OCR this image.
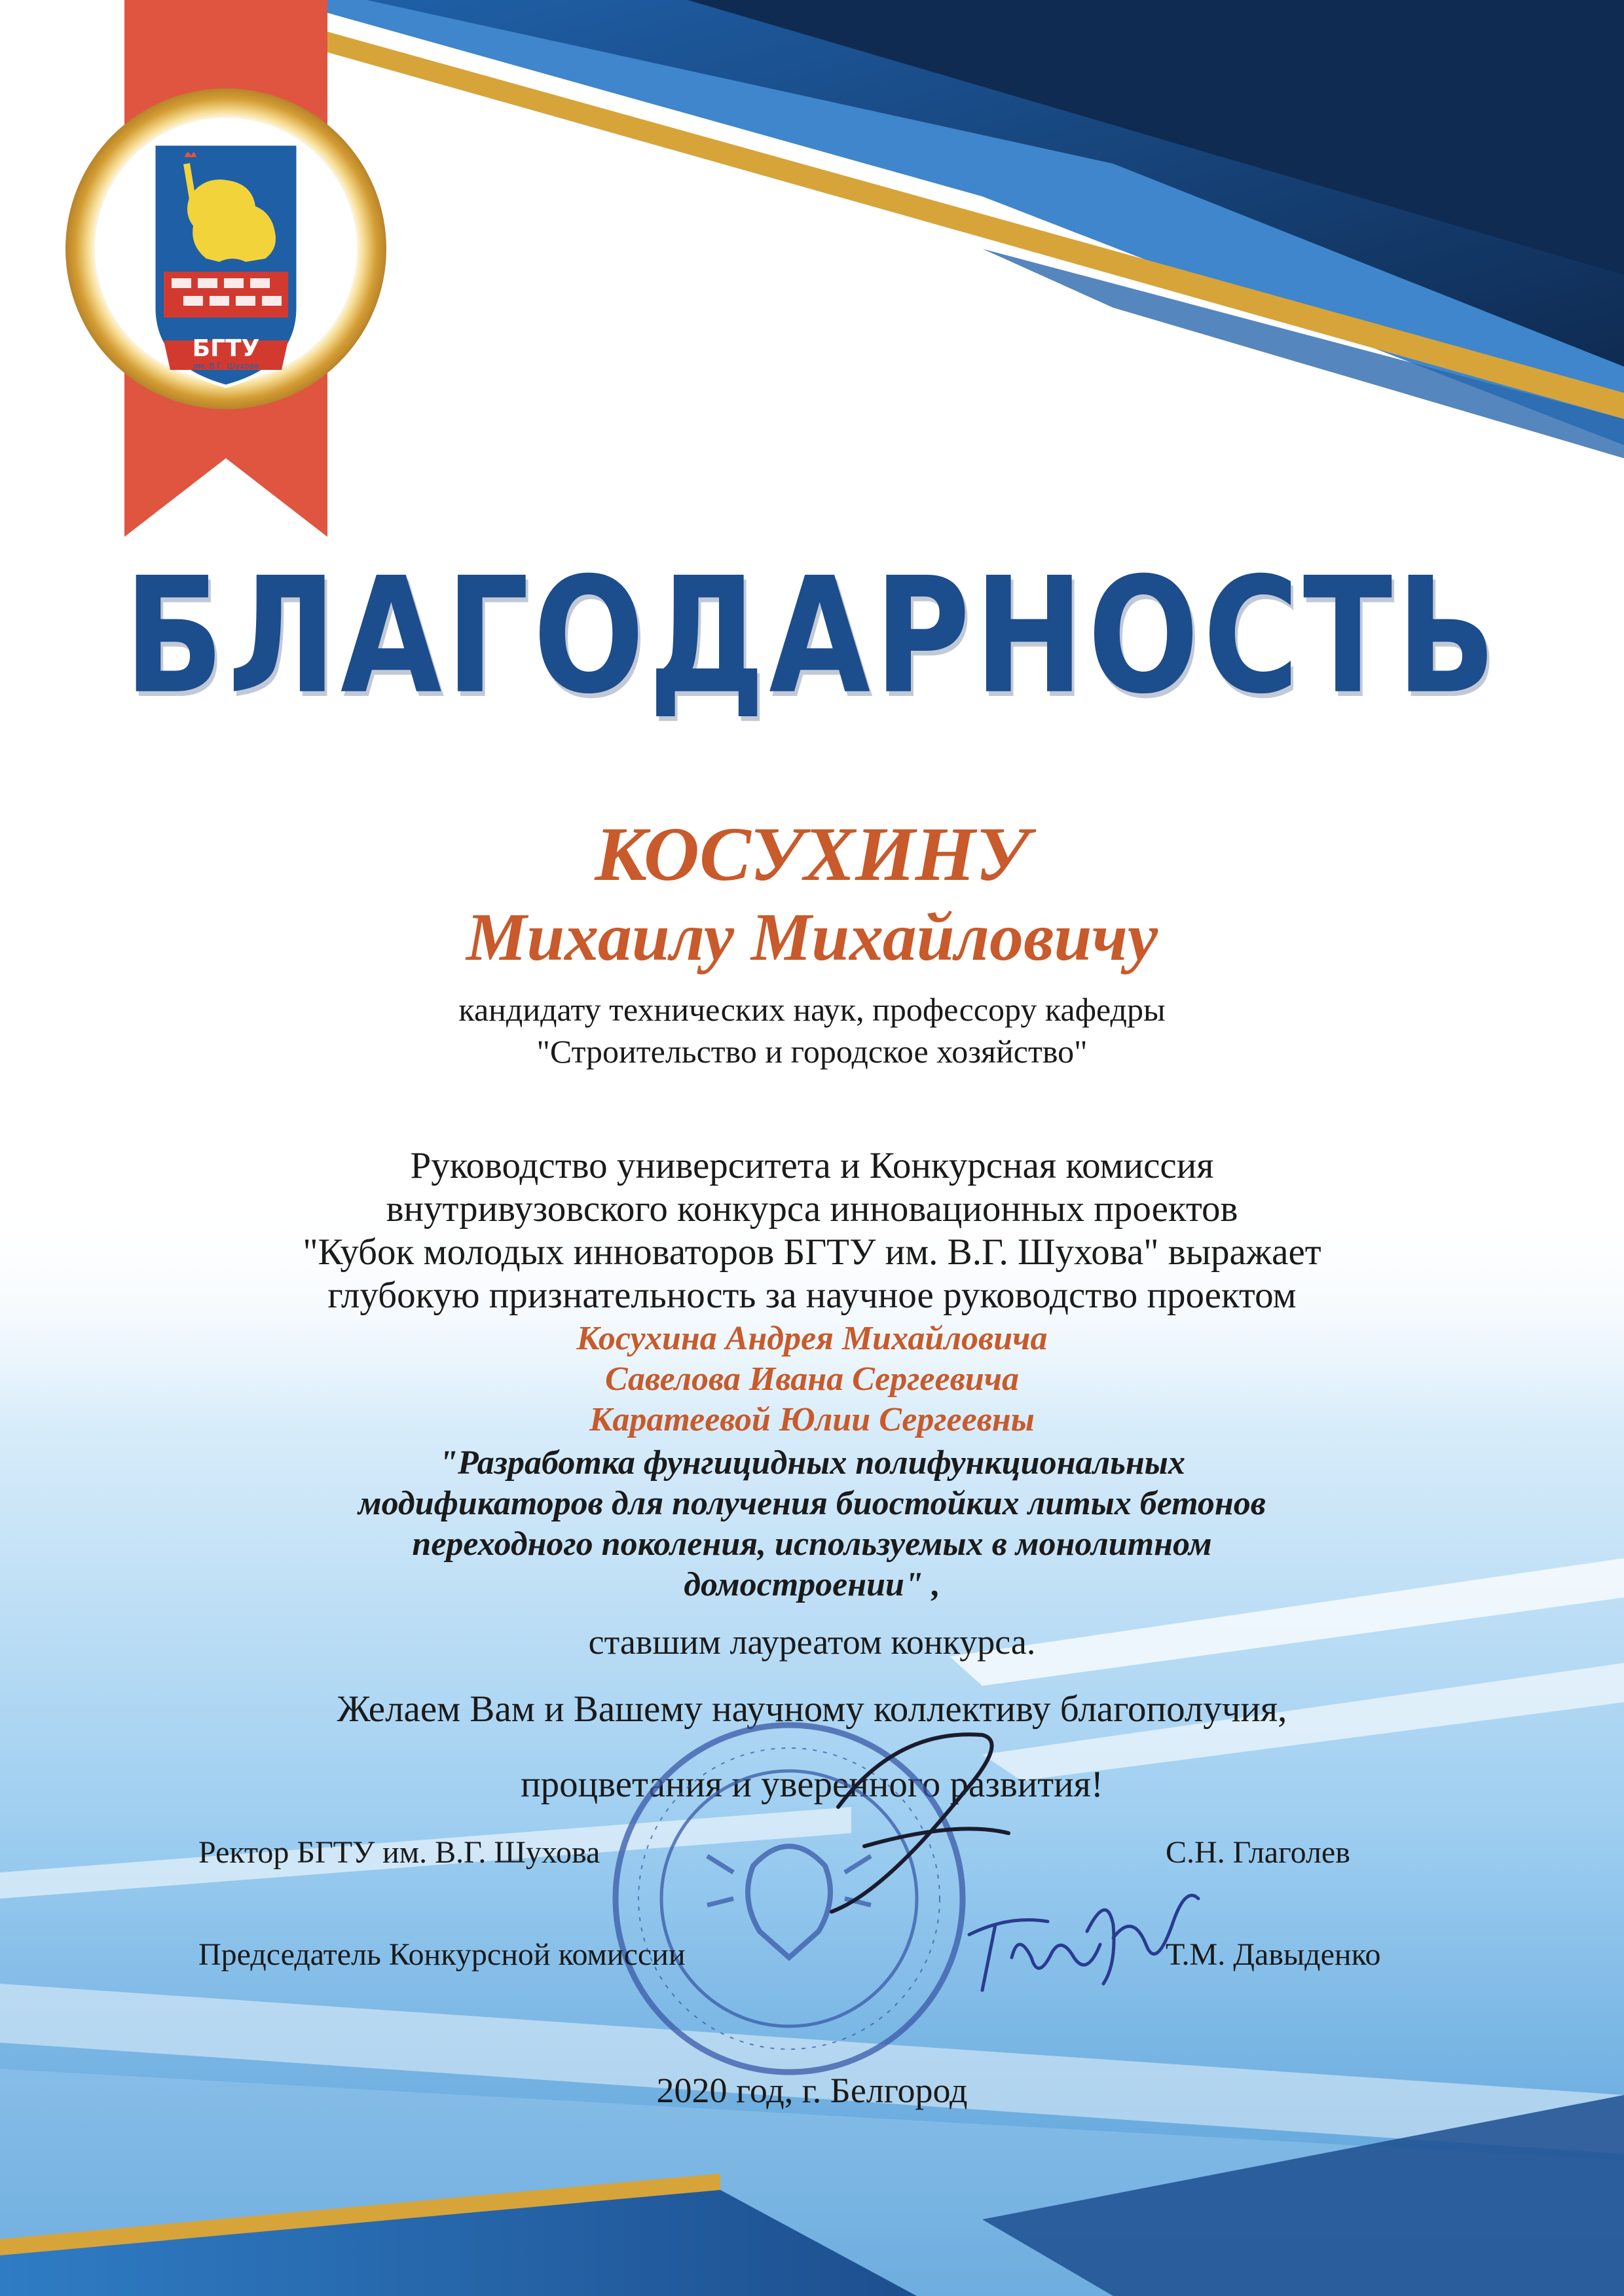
БГТУ
им. В.Г. Шухова
БЛАГОДАРНОСТЬ
КОСУХИНУ
Михаилу Михайловичу
кандидату технических наук, профессору кафедры
"Строительство и городское хозяйство"
Руководство университета и Конкурсная комиссия
внутривузовского конкурса инновационных проектов
"Кубок молодых инноваторов БГТУ им. В.Г. Шухова" выражает
глубокую признательность за научное руководство проектом
Косухина Андрея Михайловича
Савелова Ивана Сергеевича
Каратеевой Юлии Сергеевны
"Разработка фунгицидных полифункциональных
модификаторов для получения биостойких литых бетонов
переходного поколения, используемых в монолитном
домостроении" ,
ставшим лауреатом конкурса.
Желаем Вам и Вашему научному коллективу благополучия,
процветания и уверенного развития!
Ректор БГТУ им. В.Г. Шухова	С.Н. Глаголев
Председатель Конкурсной комиссии	Т.М. Давыденко
2020 год, г. Белгород
